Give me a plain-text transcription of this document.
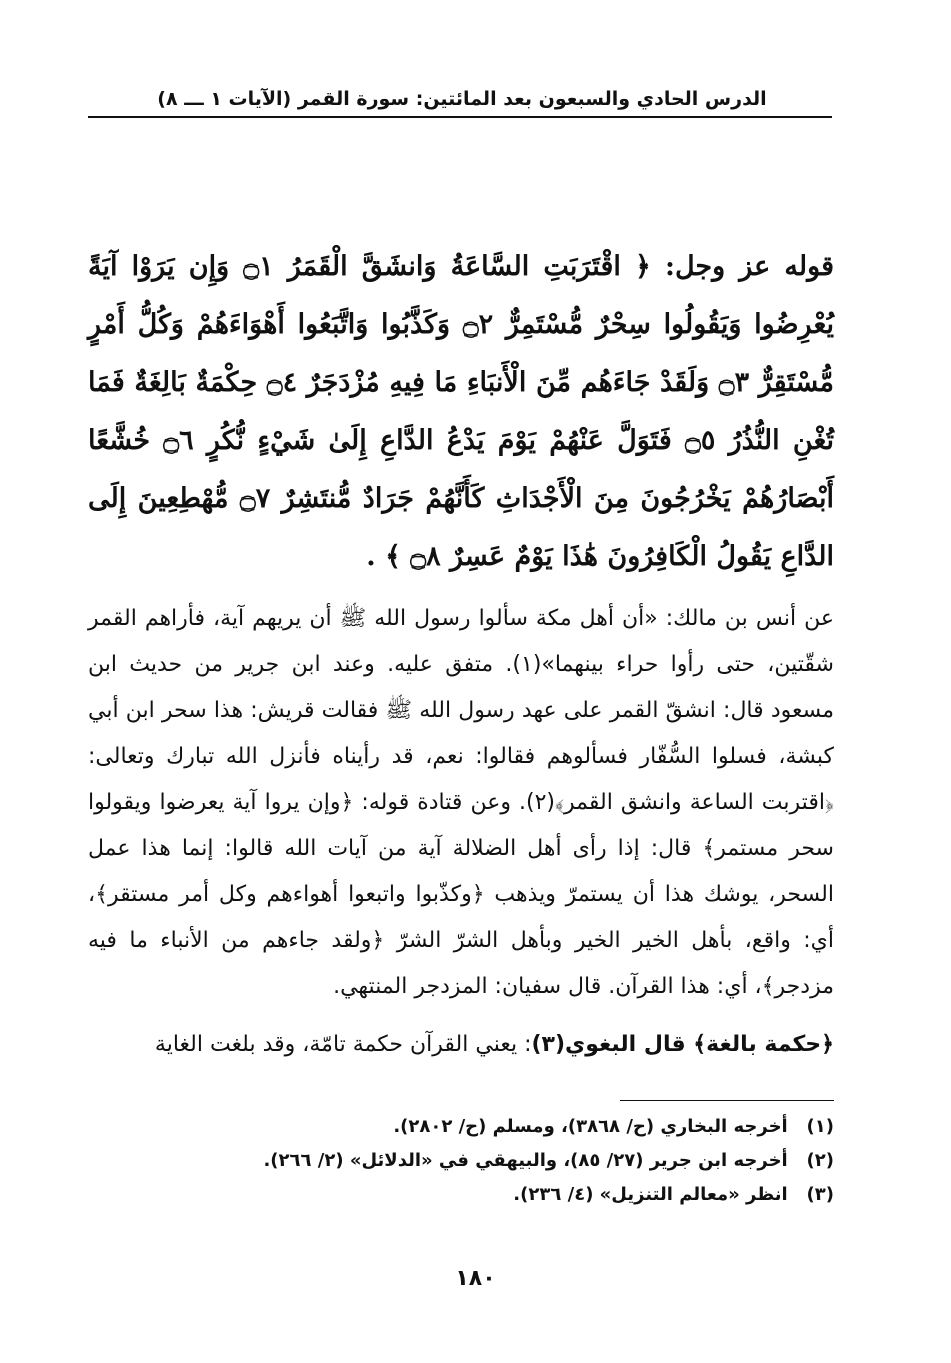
الدرس الحادي والسبعون بعد المائتين: سورة القمر (الآيات ١ ـــ ٨)
قوله عز وجل: ﴿ اقْتَرَبَتِ السَّاعَةُ وَانشَقَّ الْقَمَرُ ۝١ وَإِن يَرَوْا آيَةً يُعْرِضُوا وَيَقُولُوا سِحْرٌ مُّسْتَمِرٌّ ۝٢ وَكَذَّبُوا وَاتَّبَعُوا أَهْوَاءَهُمْ وَكُلُّ أَمْرٍ مُّسْتَقِرٌّ ۝٣ وَلَقَدْ جَاءَهُم مِّنَ الْأَنبَاءِ مَا فِيهِ مُزْدَجَرٌ ۝٤ حِكْمَةٌ بَالِغَةٌ فَمَا تُغْنِ النُّذُرُ ۝٥ فَتَوَلَّ عَنْهُمْ يَوْمَ يَدْعُ الدَّاعِ إِلَىٰ شَيْءٍ نُّكُرٍ ۝٦ خُشَّعًا أَبْصَارُهُمْ يَخْرُجُونَ مِنَ الْأَجْدَاثِ كَأَنَّهُمْ جَرَادٌ مُّنتَشِرٌ ۝٧ مُّهْطِعِينَ إِلَى الدَّاعِ يَقُولُ الْكَافِرُونَ هَٰذَا يَوْمٌ عَسِرٌ ۝٨ ﴾ .

عن أنس بن مالك: «أن أهل مكة سألوا رسول الله ﷺ أن يريهم آية، فأراهم القمر شقّتين، حتى رأوا حراء بينهما»(١). متفق عليه. وعند ابن جرير من حديث ابن مسعود قال: انشقّ القمر على عهد رسول الله ﷺ فقالت قريش: هذا سحر ابن أبي كبشة، فسلوا السُّفّار فسألوهم فقالوا: نعم، قد رأيناه فأنزل الله تبارك وتعالى: ﴿اقتربت الساعة وانشق القمر﴾(٢). وعن قتادة قوله: ﴿وإن يروا آية يعرضوا ويقولوا سحر مستمر﴾ قال: إذا رأى أهل الضلالة آية من آيات الله قالوا: إنما هذا عمل السحر، يوشك هذا أن يستمرّ ويذهب ﴿وكذّبوا واتبعوا أهواءهم وكل أمر مستقر﴾، أي: واقع، بأهل الخير الخير وبأهل الشرّ الشرّ ﴿ولقد جاءهم من الأنباء ما فيه مزدجر﴾، أي: هذا القرآن. قال سفيان: المزدجر المنتهي.

﴿حكمة بالغة﴾ قال البغوي(٣): يعني القرآن حكمة تامّة، وقد بلغت الغاية

(١) أخرجه البخاري (ح/ ٣٨٦٨)، ومسلم (ح/ ٢٨٠٢).
(٢) أخرجه ابن جرير (٢٧/ ٨٥)، والبيهقي في «الدلائل» (٢/ ٢٦٦).
(٣) انظر «معالم التنزيل» (٤/ ٢٣٦).
١٨٠
